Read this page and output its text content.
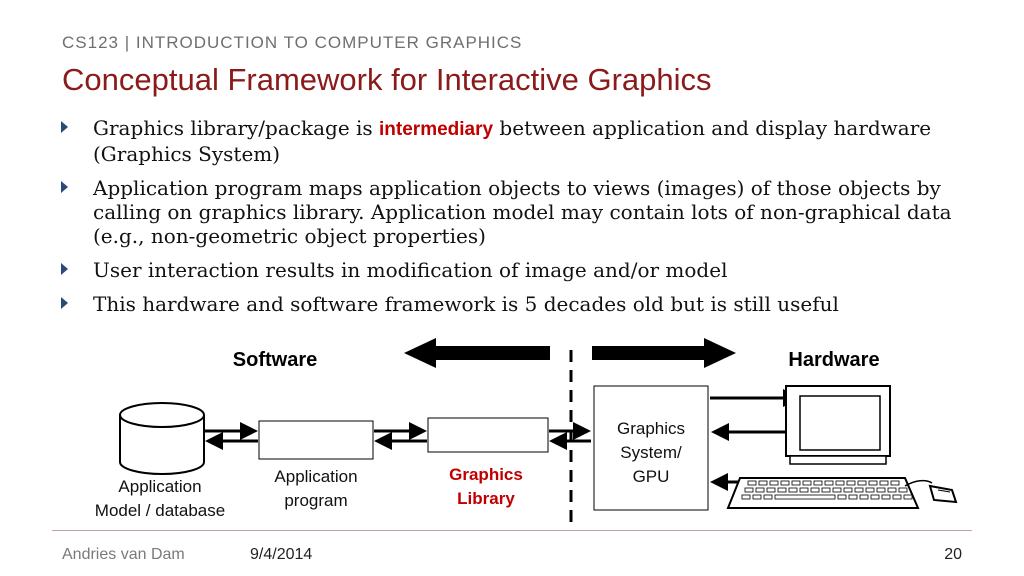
CS123 | INTRODUCTION TO COMPUTER GRAPHICS
Conceptual Framework for Interactive Graphics
Graphics library/package is intermediary between application and display hardware (Graphics System)
Application program maps application objects to views (images) of those objects by calling on graphics library. Application model may contain lots of non-graphical data (e.g., non-geometric object properties)
User interaction results in modification of image and/or model
This hardware and software framework is 5 decades old but is still useful
Software	Hardware
Application
Model / database
Application
program
Graphics
Library
Graphics
System/
GPU
Andries van Dam	9/4/2014	20
